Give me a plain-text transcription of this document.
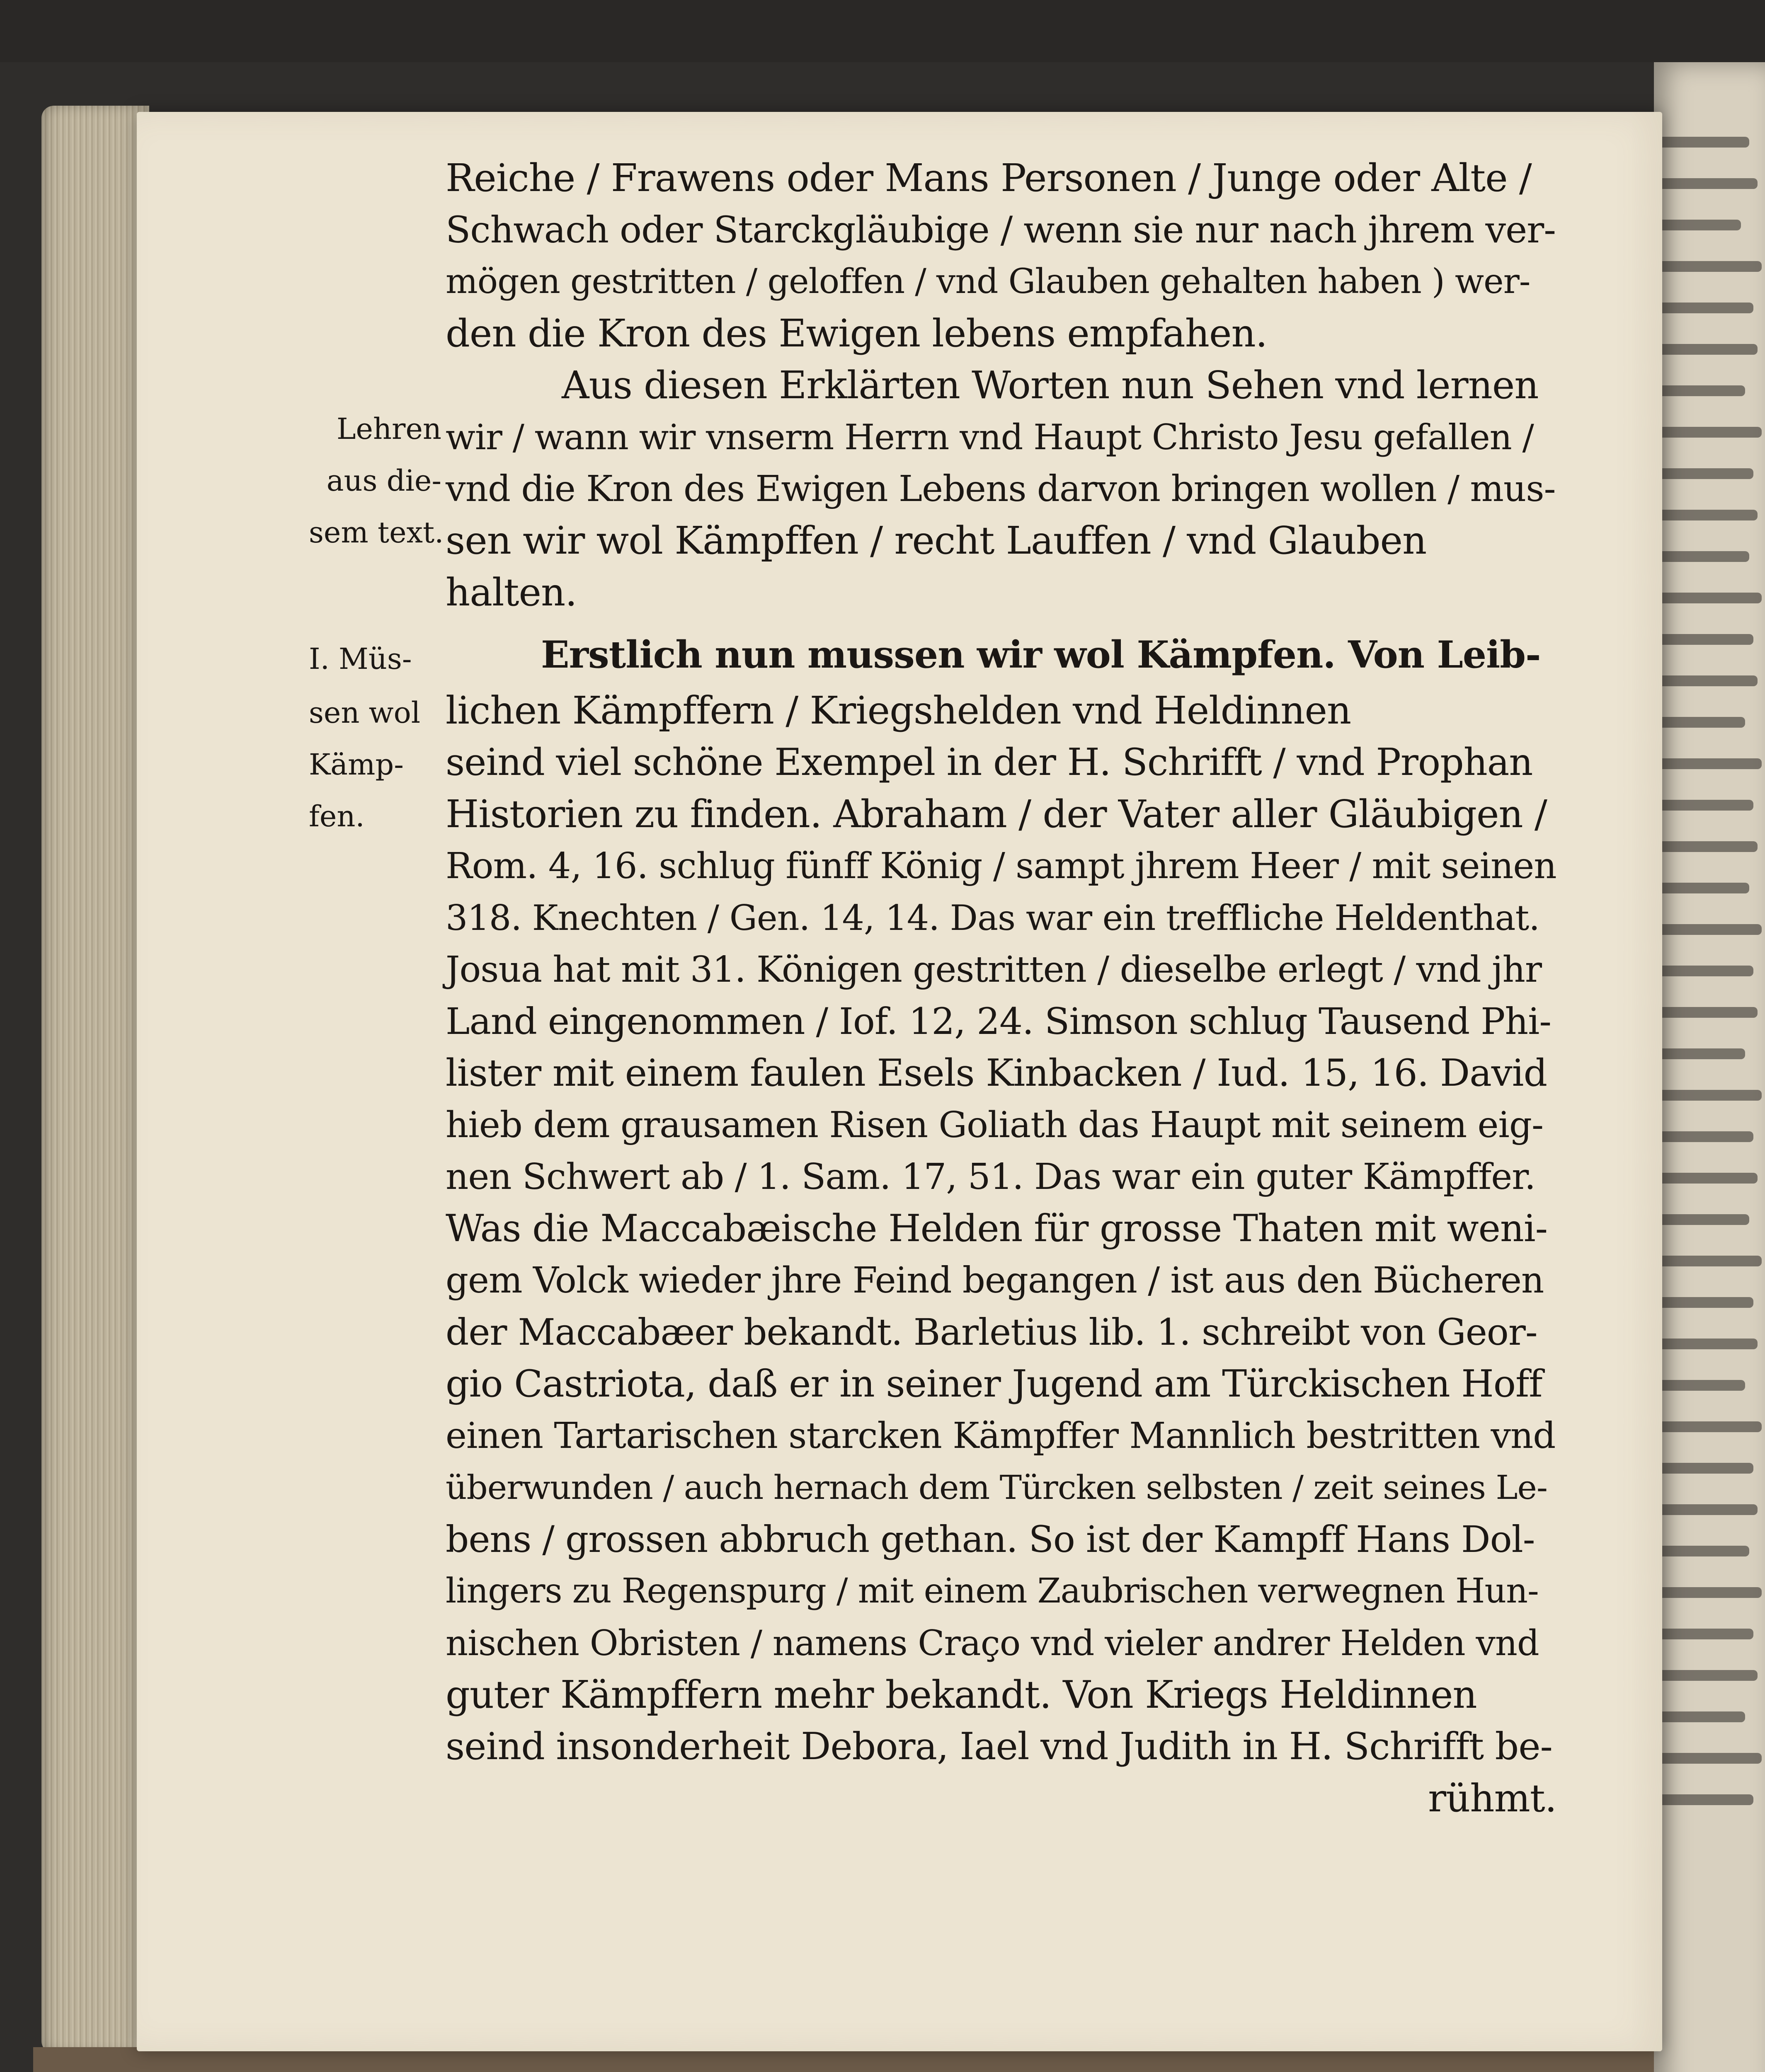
Lehren
aus die-
sem text.
I. Müs-
sen wol
Kämp-
fen.
Reiche / Frawens oder Mans Personen / Junge oder Alte /
Schwach oder Starckgläubige / wenn sie nur nach jhrem ver-
mögen gestritten / geloffen / vnd Glauben gehalten haben ) wer-
den die Kron des Ewigen lebens empfahen.
Aus diesen Erklärten Worten nun Sehen vnd lernen
wir / wann wir vnserm Herrn vnd Haupt Christo Jesu gefallen /
vnd die Kron des Ewigen Lebens darvon bringen wollen / mus-
sen wir wol Kämpffen / recht Lauffen / vnd Glauben
halten.
Erstlich nun mussen wir wol Kämpfen. Von Leib-
lichen Kämpffern / Kriegshelden vnd Heldinnen
seind viel schöne Exempel in der H. Schrifft / vnd Prophan
Historien zu finden. Abraham / der Vater aller Gläubigen /
Rom. 4, 16. schlug fünff König / sampt jhrem Heer / mit seinen
318. Knechten / Gen. 14, 14. Das war ein treffliche Heldenthat.
Josua hat mit 31. Königen gestritten / dieselbe erlegt / vnd jhr
Land eingenommen / Iof. 12, 24. Simson schlug Tausend Phi-
lister mit einem faulen Esels Kinbacken / Iud. 15, 16. David
hieb dem grausamen Risen Goliath das Haupt mit seinem eig-
nen Schwert ab / 1. Sam. 17, 51. Das war ein guter Kämpffer.
Was die Maccabæische Helden für grosse Thaten mit weni-
gem Volck wieder jhre Feind begangen / ist aus den Bücheren
der Maccabæer bekandt. Barletius lib. 1. schreibt von Geor-
gio Castriota, daß er in seiner Jugend am Türckischen Hoff
einen Tartarischen starcken Kämpffer Mannlich bestritten vnd
überwunden / auch hernach dem Türcken selbsten / zeit seines Le-
bens / grossen abbruch gethan. So ist der Kampff Hans Dol-
lingers zu Regenspurg / mit einem Zaubrischen verwegnen Hun-
nischen Obristen / namens Craço vnd vieler andrer Helden vnd
guter Kämpffern mehr bekandt. Von Kriegs Heldinnen
seind insonderheit Debora, Iael vnd Judith in H. Schrifft be-
rühmt.
